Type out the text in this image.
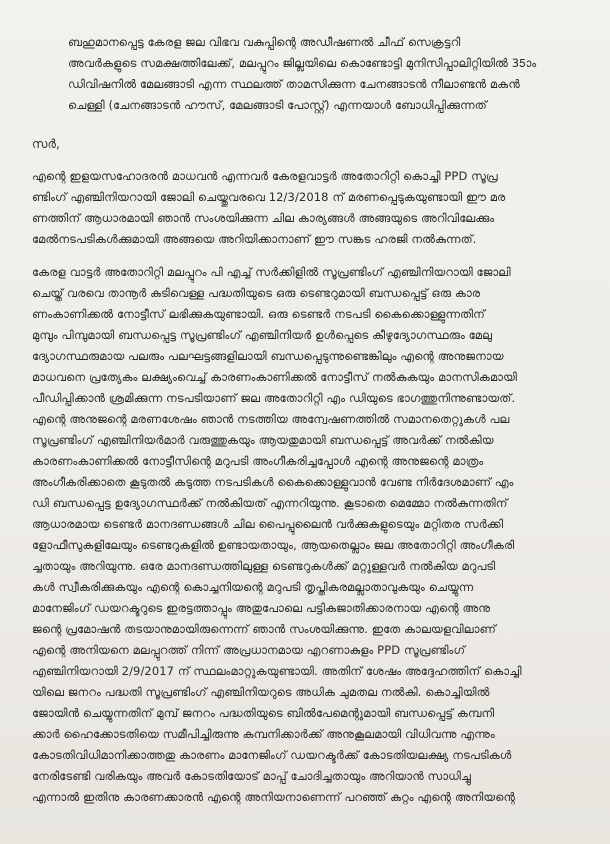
ബഹുമാനപ്പെട്ട കേരള ജല വിഭവ വകുപ്പിന്റെ അഡീഷണൽ ചീഫ് സെക്രട്ടറി
അവർകളുടെ സമക്ഷത്തിലേക്ക്, മലപ്പുറം ജില്ലയിലെ കൊണ്ടോട്ടി മുനിസിപ്പാലിറ്റിയിൽ 35ാം
ഡിവിഷനിൽ മേലങ്ങാടി എന്ന സ്ഥലത്ത് താമസിക്കുന്ന ചേനങ്ങാടൻ നീലാണ്ടൻ മകൻ
ചെള്ളി (ചേനങ്ങാടൻ ഹൗസ്, മേലങ്ങാടി പോസ്റ്റ്) എന്നയാൾ ബോധിപ്പിക്കുന്നത്
സർ,
എന്റെ ഇളയസഹോദരൻ മാധവൻ എന്നവർ കേരളവാട്ടർ അതോറിറ്റി കൊച്ചി PPD സൂപ്ര
ണ്ടിംഗ് എഞ്ചിനിയറായി ജോലി ചെയ്തുവരവെ 12/3/2018 ന് മരണപ്പെടുകയുണ്ടായി ഈ മര
ണത്തിന് ആധാരമായി ഞാൻ സംശയിക്കുന്ന ചില കാര്യങ്ങൾ അങ്ങയുടെ അറിവിലേക്കും
മേൽനടപടികൾക്കുമായി അങ്ങയെ അറിയിക്കാനാണ് ഈ സങ്കട ഹരജി നൽകുന്നത്.
കേരള വാട്ടർ അതോറിറ്റി മലപ്പുറം പി എച്ച് സർക്കിളിൽ സൂപ്രണ്ടിംഗ് എഞ്ചിനിയറായി ജോലി
ചെയ്ത് വരവെ താനൂർ കുടിവെള്ള പദ്ധതിയുടെ ഒരു ടെണ്ടറുമായി ബന്ധപ്പെട്ട് ഒരു കാര
ണംകാണിക്കൽ നോട്ടീസ് ലഭിക്കുകയുണ്ടായി. ഒരു ടെണ്ടർ നടപടി കൈക്കൊള്ളുന്നതിന്
മുമ്പും പിമ്പുമായി ബന്ധപ്പെട്ട സൂപ്രണ്ടിംഗ് എഞ്ചിനിയർ ഉൾപ്പെടെ കീഴുദ്യോഗസ്ഥരും മേലു
ദ്യോഗസ്ഥരുമായ പലരും പലഘട്ടങ്ങളിലായി ബന്ധപ്പെടുന്നുണ്ടെങ്കിലും എന്റെ അനുജനായ
മാധവനെ പ്രത്യേകം ലക്ഷ്യംവെച്ച് കാരണംകാണിക്കൽ നോട്ടീസ് നൽകുകയും മാനസികമായി
പീഡിപ്പിക്കാൻ ശ്രമിക്കുന്ന നടപടിയാണ് ജല അതോറിറ്റി എം ഡിയുടെ ഭാഗത്തുനിന്നുണ്ടായത്.
എന്റെ അനുജന്റെ മരണശേഷം ഞാൻ നടത്തിയ അന്വേഷണത്തിൽ സമാനതെറ്റുകൾ പല
സൂപ്രണ്ടിംഗ് എഞ്ചിനിയർമാർ വരുത്തുകയും ആയതുമായി ബന്ധപ്പെട്ട് അവർക്ക് നൽകിയ
കാരണംകാണിക്കൽ നോട്ടീസിന്റെ മറുപടി അംഗീകരിച്ചപ്പോൾ എന്റെ അനുജന്റെ മാത്രം
അംഗീകരിക്കാതെ കൂടുതൽ കടുത്ത നടപടികൾ കൈക്കൊള്ളുവാൻ വേണ്ട നിർദേശമാണ് എം
ഡി ബന്ധപ്പെട്ട ഉദ്യോഗസ്ഥർക്ക് നൽകിയത് എന്നറിയുന്നു. കൂടാതെ മെമ്മോ നൽകുന്നതിന്
ആധാരമായ ടെണ്ടർ മാനദണ്ഡങ്ങൾ ചില പൈപ്പുലൈൻ വർക്കുകളുടെയും മറ്റിതര സർക്കി
ളോഫീസുകളിലേയും ടെണ്ടറുകളിൽ ഉണ്ടായതായും, ആയതെല്ലാം ജല അതോറിറ്റി അംഗീകരി
ച്ചതായും അറിയുന്നു. ഒരേ മാനദണ്ഡത്തിലുള്ള ടെണ്ടറുകൾക്ക് മറ്റുള്ളവർ നൽകിയ മറുപടി
കൾ സ്വീകരിക്കുകയും എന്റെ കൊച്ചനിയന്റെ മറുപടി തൃപ്തികരമല്ലാതാവുകയും ചെയ്യുന്ന
മാനേജിംഗ് ഡയറക്ടറുടെ ഇരട്ടത്താപ്പും അതുപോലെ പട്ടികജാതിക്കാരനായ എന്റെ അനു
ജന്റെ പ്രമോഷൻ തടയാനുമായിരുന്നെന്ന് ഞാൻ സംശയിക്കുന്നു. ഇതേ കാലയളവിലാണ്
എന്റെ അനിയനെ മലപ്പുറത്ത് നിന്ന് അപ്രധാനമായ എറണാകുളം PPD സൂപ്രണ്ടിംഗ്
എഞ്ചിനിയറായി 2/9/2017 ന് സ്ഥലംമാറ്റുകയുണ്ടായി. അതിന് ശേഷം അദ്ദേഹത്തിന് കൊച്ചി
യിലെ ജനറം പദ്ധതി സൂപ്രണ്ടിംഗ് എഞ്ചിനിയറുടെ അധിക ചുമതല നൽകി. കൊച്ചിയിൽ
ജോയിൻ ചെയ്യുന്നതിന് മുമ്പ് ജനറം പദ്ധതിയുടെ ബിൽപേമെന്റുമായി ബന്ധപ്പെട്ട് കമ്പനി
ക്കാർ ഹൈക്കോടതിയെ സമീപിച്ചിരുന്നു കമ്പനിക്കാർക്ക് അനുകൂലമായി വിധിവന്നു എന്നും
കോടതിവിധിമാനിക്കാത്തതു കാരണം മാനേജിംഗ് ഡയറക്ടർക്ക് കോടതിയലക്ഷ്യ നടപടികൾ
നേരിടേണ്ടി വരികയും അവർ കോടതിയോട് മാപ്പ് ചോദിച്ചതായും അറിയാൻ സാധിച്ചു
എന്നാൽ ഇതിനു കാരണക്കാരൻ എന്റെ അനിയനാണെന്ന് പറഞ്ഞ് കുറ്റം എന്റെ അനിയന്റെ
